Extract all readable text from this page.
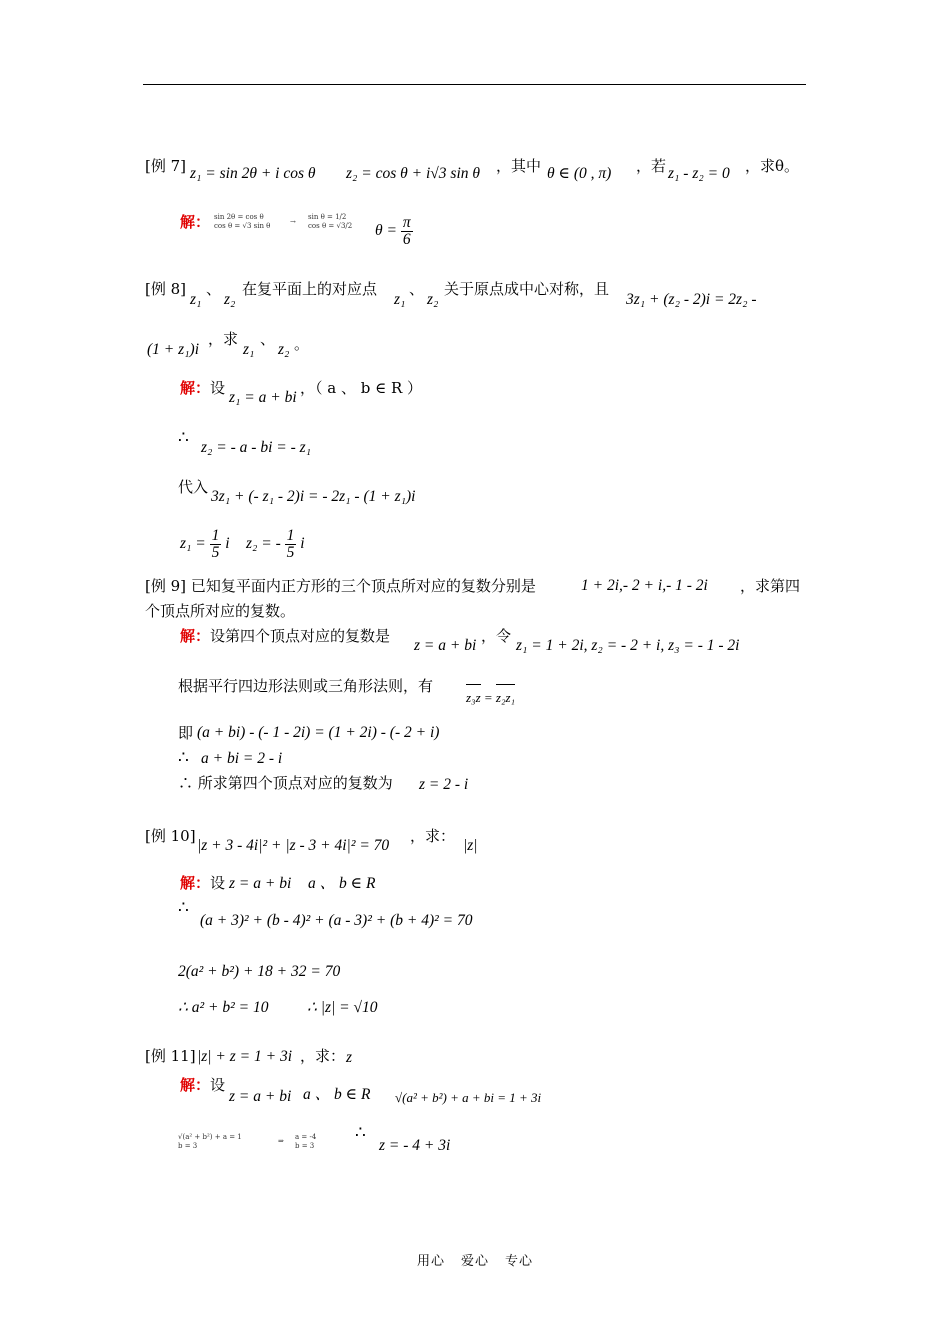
[例 7] z₁ = sin 2θ + i cos θ z₂ = cos θ + i√3 sin θ ，其中 θ ∈ (0 , π) ，若 z₁ - z₂ = 0 ，求θ。
解： sin 2θ = cos θ
cos θ = √3 sin θ	→
sin θ = 1/2
cos θ = √3/2 $\theta = \frac{\pi}{6}$
[例 8]
z₁
、
z₂
在复平面上的对应点
z₁
、
z₂
关于原点成中心对称，且
3z₁ + (z₂ - 2)i = 2z₂ -
(1 + z₁)i
，求
z₁
、
z₂ 。
解：设
z₁ = a + bi
，（ a 、 b ∈ R ）
∴ z₂ = - a - bi = - z₁
代入
3z₁ + (- z₁ - 2)i = - 2z₁ - (1 + z₁)i
$z_1 = \frac{1}{5}$ i z₂ = - $\frac{1}{5}$ i
[例 9] 已知复平面内正方形的三个顶点所对应的复数分别是	1 + 2i,- 2 + i,- 1 - 2i ，求第四
个顶点所对应的复数。
解：设第四个顶点对应的复数是
z = a + bi
，令
z₁ = 1 + 2i, z₂ = - 2 + i, z₃ = - 1 - 2i
根据平行四边形法则或三角形法则，有
z₃z =
z₂z₁
即 (a + bi) - (- 1 - 2i) = (1 + 2i) - (- 2 + i)
∴ a + bi = 2 - i
∴ 所求第四个顶点对应的复数为 z = 2 - i
[例 10]
|z + 3 - 4i|² + |z - 3 + 4i|² = 70
，求：
|z|
解：设 z = a + bi a 、 b ∈ R
∴
(a + 3)² + (b - 4)² + (a - 3)² + (b + 4)² = 70
2(a² + b²) + 18 + 32 = 70
∴ a² + b² = 10 ∴ |z| = √10
[例 11] |z| + z = 1 + 3i ，求： z
解：设
z = a + bi a 、 b ∈ R √(a² + b²) + a + bi = 1 + 3i
√(a² + b²) + a = 1
b = 3
⇒ a = -4
b = 3
∴
z = - 4 + 3i
用心 爱心 专心
